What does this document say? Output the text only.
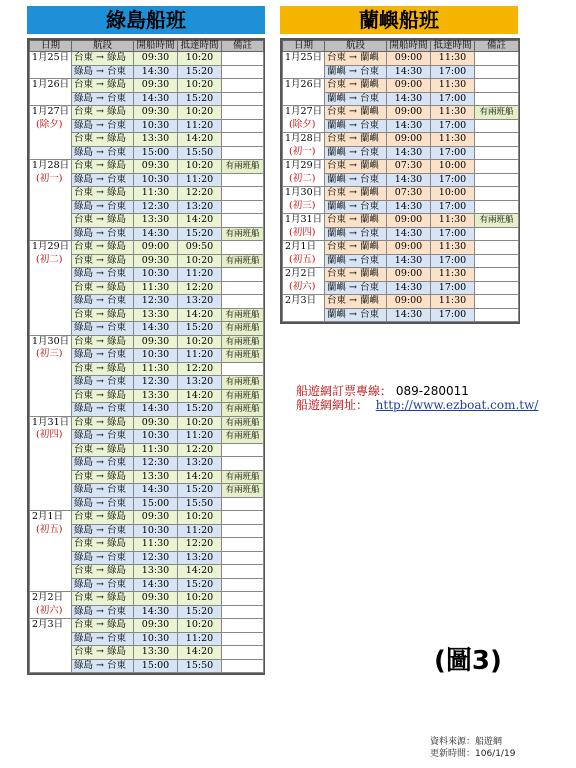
綠島船班
日期	航段	開船時間	抵達時間	備註
1月25日	台東 → 綠島	09:30	10:20	
	綠島 → 台東	14:30	15:20	
1月26日	台東 → 綠島	09:30	10:20	
	綠島 → 台東	14:30	15:20	
1月27日
(除夕)	台東 → 綠島	09:30	10:20	
	綠島 → 台東	10:30	11:20	
	台東 → 綠島	13:30	14:20	
	綠島 → 台東	15:00	15:50	
1月28日
(初一)	台東 → 綠島	09:30	10:20	有兩班船
	綠島 → 台東	10:30	11:20	
	台東 → 綠島	11:30	12:20	
	綠島 → 台東	12:30	13:20	
	台東 → 綠島	13:30	14:20	
	綠島 → 台東	14:30	15:20	有兩班船
1月29日
(初二)	台東 → 綠島	09:00	09:50	
	台東 → 綠島	09:30	10:20	有兩班船
	綠島 → 台東	10:30	11:20	
	台東 → 綠島	11:30	12:20	
	綠島 → 台東	12:30	13:20	
	台東 → 綠島	13:30	14:20	有兩班船
	綠島 → 台東	14:30	15:20	有兩班船
1月30日
(初三)	台東 → 綠島	09:30	10:20	有兩班船
	綠島 → 台東	10:30	11:20	有兩班船
	台東 → 綠島	11:30	12:20	
	綠島 → 台東	12:30	13:20	有兩班船
	台東 → 綠島	13:30	14:20	有兩班船
	綠島 → 台東	14:30	15:20	有兩班船
1月31日
(初四)	台東 → 綠島	09:30	10:20	有兩班船
	綠島 → 台東	10:30	11:20	有兩班船
	台東 → 綠島	11:30	12:20	
	綠島 → 台東	12:30	13:20	
	台東 → 綠島	13:30	14:20	有兩班船
	綠島 → 台東	14:30	15:20	有兩班船
	綠島 → 台東	15:00	15:50	
2月1日
(初五)	台東 → 綠島	09:30	10:20	
	綠島 → 台東	10:30	11:20	
	台東 → 綠島	11:30	12:20	
	綠島 → 台東	12:30	13:20	
	台東 → 綠島	13:30	14:20	
	綠島 → 台東	14:30	15:20	
2月2日
(初六)	台東 → 綠島	09:30	10:20	
	綠島 → 台東	14:30	15:20	
2月3日	台東 → 綠島	09:30	10:20	
	綠島 → 台東	10:30	11:20	
	台東 → 綠島	13:30	14:20	
	綠島 → 台東	15:00	15:50	
蘭嶼船班
日期	航段	開船時間	抵達時間	備註
1月25日	台東 → 蘭嶼	09:00	11:30	
	蘭嶼 → 台東	14:30	17:00	
1月26日	台東 → 蘭嶼	09:00	11:30	
	蘭嶼 → 台東	14:30	17:00	
1月27日
(除夕)	台東 → 蘭嶼	09:00	11:30	有兩班船
	蘭嶼 → 台東	14:30	17:00	
1月28日
(初一)	台東 → 蘭嶼	09:00	11:30	
	蘭嶼 → 台東	14:30	17:00	
1月29日
(初二)	台東 → 蘭嶼	07:30	10:00	
	蘭嶼 → 台東	14:30	17:00	
1月30日
(初三)	台東 → 蘭嶼	07:30	10:00	
	蘭嶼 → 台東	14:30	17:00	
1月31日
(初四)	台東 → 蘭嶼	09:00	11:30	有兩班船
	蘭嶼 → 台東	14:30	17:00	
2月1日
(初五)	台東 → 蘭嶼	09:00	11:30	
	蘭嶼 → 台東	14:30	17:00	
2月2日
(初六)	台東 → 蘭嶼	09:00	11:30	
	蘭嶼 → 台東	14:30	17:00	
2月3日	台東 → 蘭嶼	09:00	11:30	
	蘭嶼 → 台東	14:30	17:00	
船遊網訂票專線： 089-280011
船遊網網址： http://www.ezboat.com.tw/
(圖3)
資料來源：船遊網
更新時間：106/1/19
